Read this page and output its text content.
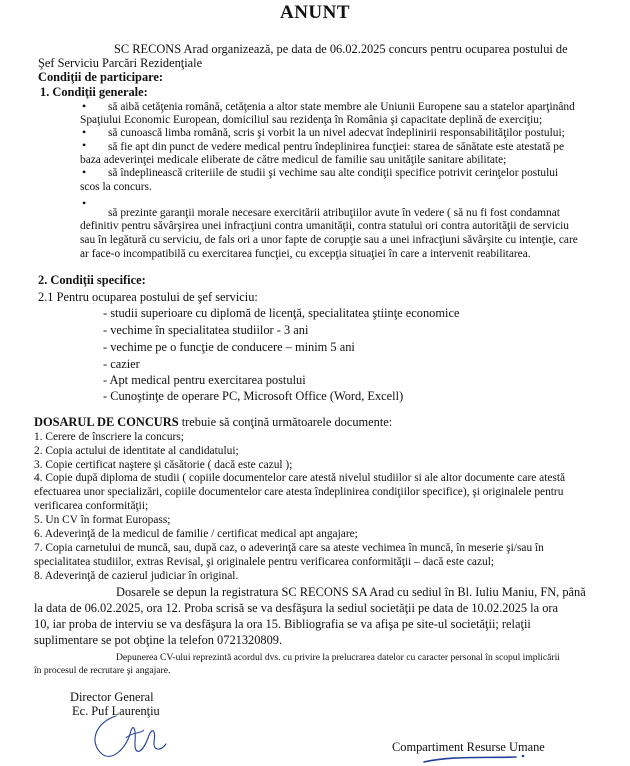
ANUNT
SC RECONS Arad organizează, pe data de 06.02.2025 concurs pentru ocuparea postului de
Şef Serviciu Parcări Rezidenţiale
Condiţii de participare:
1. Condiţii generale:
• să aibă cetăţenia română, cetăţenia a altor state membre ale Uniunii Europene sau a statelor aparţinând
Spaţiului Economic European, domiciliul sau rezidenţa în România şi capacitate deplină de exerciţiu;
• să cunoască limba română, scris şi vorbit la un nivel adecvat îndeplinirii responsabilităţilor postului;
• să fie apt din punct de vedere medical pentru îndeplinirea funcţiei: starea de sănătate este atestată pe
baza adeverinţei medicale eliberate de către medicul de familie sau unităţile sanitare abilitate;
• să îndeplinească criteriile de studii şi vechime sau alte condiţii specifice potrivit cerinţelor postului
scos la concurs.
•
să prezinte garanţii morale necesare exercitării atribuţiilor avute în vedere ( să nu fi fost condamnat
definitiv pentru săvârşirea unei infracţiuni contra umanităţii, contra statului ori contra autorităţii de serviciu
sau în legătură cu serviciu, de fals ori a unor fapte de corupţie sau a unei infracţiuni săvârşite cu intenţie, care
ar face-o incompatibilă cu exercitarea funcţiei, cu excepţia situaţiei în care a intervenit reabilitarea.
2. Condiţii specifice:
2.1 Pentru ocuparea postului de şef serviciu:
- studii superioare cu diplomă de licenţă, specialitatea ştiinţe economice
- vechime în specialitatea studiilor - 3 ani
- vechime pe o funcţie de conducere – minim 5 ani
- cazier
- Apt medical pentru exercitarea postului
- Cunoştinţe de operare PC, Microsoft Office (Word, Excell)
DOSARUL DE CONCURS trebuie să conţină următoarele documente:
1. Cerere de înscriere la concurs;
2. Copia actului de identitate al candidatului;
3. Copie certificat naştere şi căsătorie ( dacă este cazul );
4. Copie după diploma de studii ( copiile documentelor care atestă nivelul studiilor si ale altor documente care atestă
efectuarea unor specializări, copiile documentelor care atesta îndeplinirea condiţiilor specifice), şi originalele pentru
verificarea conformităţii;
5. Un CV în format Europass;
6. Adeverinţă de la medicul de familie / certificat medical apt angajare;
7. Copia carnetului de muncă, sau, după caz, o adeverinţă care sa ateste vechimea în muncă, în meserie şi/sau în
specialitatea studiilor, extras Revisal, şi originalele pentru verificarea conformităţii – dacă este cazul;
8. Adeverinţă de cazierul judiciar în original.
Dosarele se depun la registratura SC RECONS SA Arad cu sediul în Bl. Iuliu Maniu, FN, până
la data de 06.02.2025, ora 12. Proba scrisă se va desfăşura la sediul societăţii pe data de 10.02.2025 la ora
10, iar proba de interviu se va desfăşura la ora 15. Bibliografia se va afişa pe site-ul societăţii; relaţii
suplimentare se pot obţine la telefon 0721320809.
Depunerea CV-ului reprezintă acordul dvs. cu privire la prelucrarea datelor cu caracter personal în scopul implicării
în procesul de recrutare şi angajare.
Director General
Ec. Puf Laurenţiu
Compartiment Resurse Umane
